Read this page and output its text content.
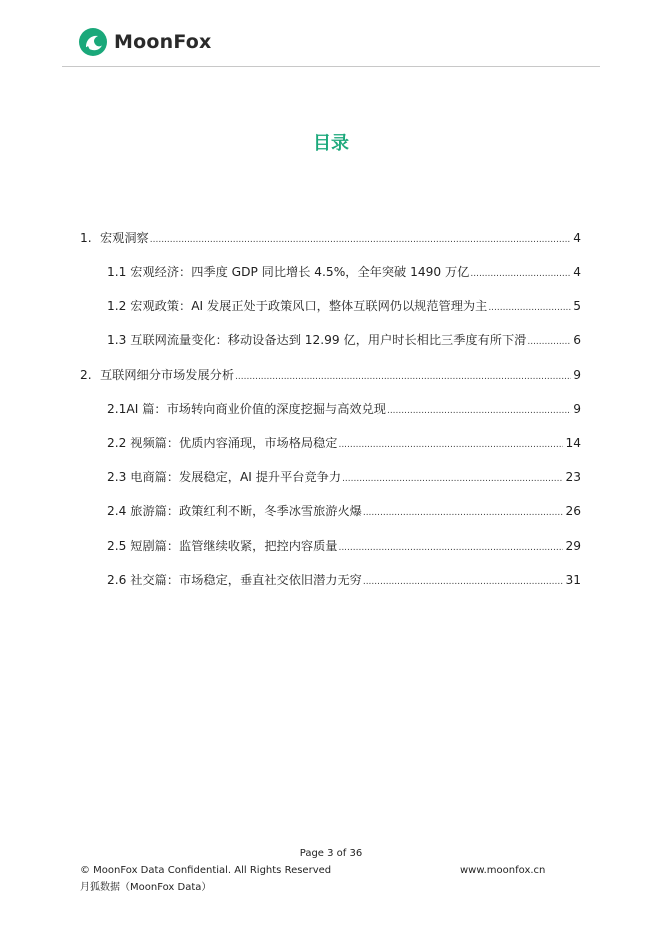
MoonFox
目录
1. 宏观洞察 .....	4
1.1 宏观经济：四季度 GDP 同比增长 4.5%，全年突破 1490 万亿 .....	4
1.2 宏观政策：AI 发展正处于政策风口，整体互联网仍以规范管理为主 .....	5
1.3 互联网流量变化：移动设备达到 12.99 亿，用户时长相比三季度有所下滑 .....	6
2. 互联网细分市场发展分析 .....	9
2.1AI 篇：市场转向商业价值的深度挖掘与高效兑现 .....	9
2.2 视频篇：优质内容涌现，市场格局稳定 .....	14
2.3 电商篇：发展稳定，AI 提升平台竞争力 .....	23
2.4 旅游篇：政策红利不断，冬季冰雪旅游火爆 .....	26
2.5 短剧篇：监管继续收紧，把控内容质量 .....	29
2.6 社交篇：市场稳定，垂直社交依旧潜力无穷 .....	31
Page 3 of 36
© MoonFox Data Confidential. All Rights Reserved	www.moonfox.cn
月狐数据（MoonFox Data）
